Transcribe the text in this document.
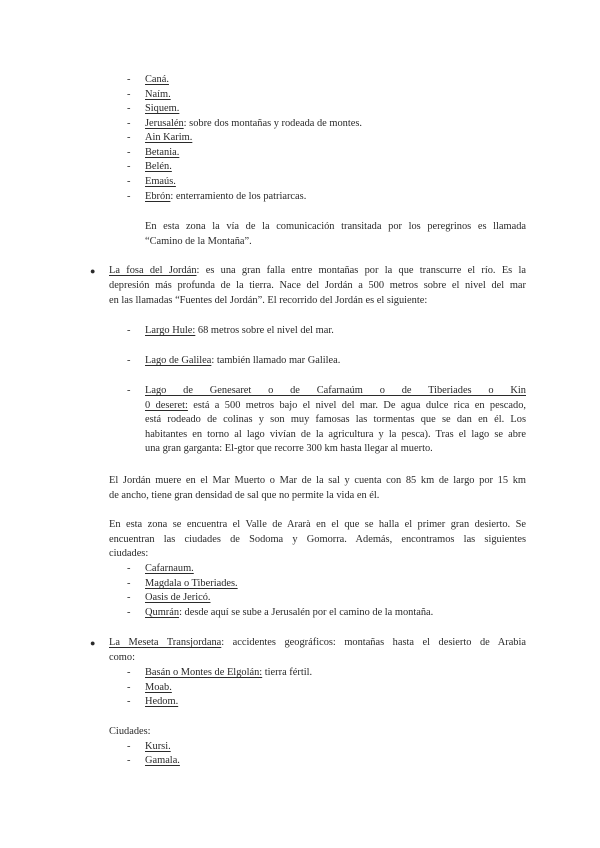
- Caná.
- Naím.
- Siquem.
- Jerusalén: sobre dos montañas y rodeada de montes.
- Ain Karim.
- Betania.
- Belén.
- Emaús.
- Ebrón: enterramiento de los patriarcas.
En esta zona la vía de la comunicación transitada por los peregrinos es llamada
“Camino de la Montaña”.
● La fosa del Jordán: es una gran falla entre montañas por la que transcurre el río. Es la
depresión más profunda de la tierra. Nace del Jordán a 500 metros sobre el nivel del mar
en las llamadas “Fuentes del Jordán”. El recorrido del Jordán es el siguiente:
- Largo Hule: 68 metros sobre el nivel del mar.
- Lago de Galilea: también llamado mar Galilea.
- Lago de Genesaret o de Cafarnaúm o de Tiberiades o Kin
0 deseret: está a 500 metros bajo el nivel del mar. De agua dulce rica en pescado,
está rodeado de colinas y son muy famosas las tormentas que se dan en él. Los
habitantes en torno al lago vivían de la agricultura y la pesca). Tras el lago se abre
una gran garganta: El-gtor que recorre 300 km hasta llegar al muerto.
El Jordán muere en el Mar Muerto o Mar de la sal y cuenta con 85 km de largo por 15 km
de ancho, tiene gran densidad de sal que no permite la vida en él.
En esta zona se encuentra el Valle de Ararà en el que se halla el primer gran desierto. Se
encuentran las ciudades de Sodoma y Gomorra. Además, encontramos las siguientes
ciudades:
- Cafarnaum.
- Magdala o Tiberiades.
- Oasis de Jericó.
- Qumrán: desde aquí se sube a Jerusalén por el camino de la montaña.
● La Meseta Transjordana: accidentes geográficos: montañas hasta el desierto de Arabia
como:
- Basán o Montes de Elgolán: tierra fértil.
- Moab.
- Hedom.
Ciudades:
- Kursi.
- Gamala.
